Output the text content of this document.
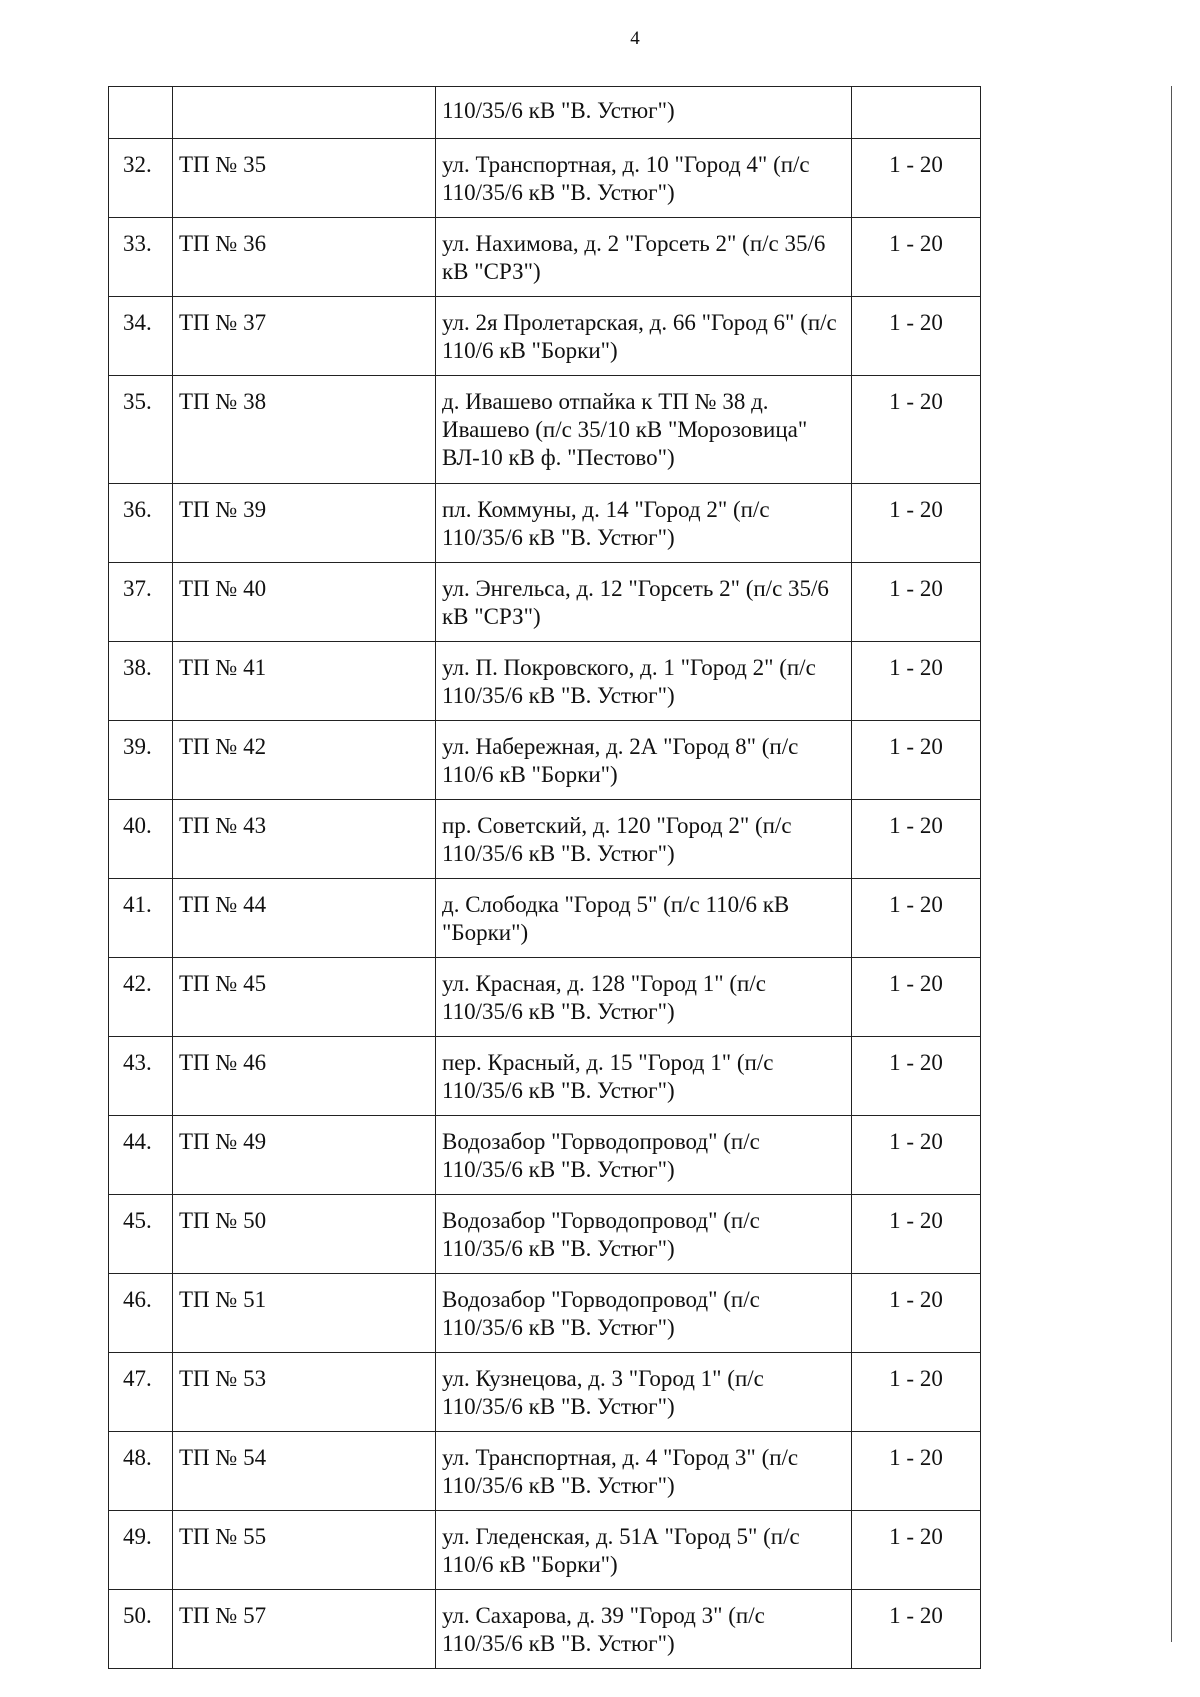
4
		110/35/6 кВ "В. Устюг")	
32.	ТП № 35	ул. Транспортная, д. 10 "Город 4" (п/с 110/35/6 кВ "В. Устюг")	1 - 20
33.	ТП № 36	ул. Нахимова, д. 2 "Горсеть 2" (п/с 35/6 кВ "СРЗ")	1 - 20
34.	ТП № 37	ул. 2я Пролетарская, д. 66 "Город 6" (п/с 110/6 кВ "Борки")	1 - 20
35.	ТП № 38	д. Ивашево отпайка к ТП № 38 д. Ивашево (п/с 35/10 кВ "Морозовица" ВЛ-10 кВ ф. "Пестово")	1 - 20
36.	ТП № 39	пл. Коммуны, д. 14 "Город 2" (п/с 110/35/6 кВ "В. Устюг")	1 - 20
37.	ТП № 40	ул. Энгельса, д. 12 "Горсеть 2" (п/с 35/6 кВ "СРЗ")	1 - 20
38.	ТП № 41	ул. П. Покровского, д. 1 "Город 2" (п/с 110/35/6 кВ "В. Устюг")	1 - 20
39.	ТП № 42	ул. Набережная, д. 2А "Город 8" (п/с 110/6 кВ "Борки")	1 - 20
40.	ТП № 43	пр. Советский, д. 120 "Город 2" (п/с 110/35/6 кВ "В. Устюг")	1 - 20
41.	ТП № 44	д. Слободка "Город 5" (п/с 110/6 кВ "Борки")	1 - 20
42.	ТП № 45	ул. Красная, д. 128 "Город 1" (п/с 110/35/6 кВ "В. Устюг")	1 - 20
43.	ТП № 46	пер. Красный, д. 15 "Город 1" (п/с 110/35/6 кВ "В. Устюг")	1 - 20
44.	ТП № 49	Водозабор "Горводопровод" (п/с 110/35/6 кВ "В. Устюг")	1 - 20
45.	ТП № 50	Водозабор "Горводопровод" (п/с 110/35/6 кВ "В. Устюг")	1 - 20
46.	ТП № 51	Водозабор "Горводопровод" (п/с 110/35/6 кВ "В. Устюг")	1 - 20
47.	ТП № 53	ул. Кузнецова, д. 3 "Город 1" (п/с 110/35/6 кВ "В. Устюг")	1 - 20
48.	ТП № 54	ул. Транспортная, д. 4 "Город 3" (п/с 110/35/6 кВ "В. Устюг")	1 - 20
49.	ТП № 55	ул. Гледенская, д. 51А "Город 5" (п/с 110/6 кВ "Борки")	1 - 20
50.	ТП № 57	ул. Сахарова, д. 39 "Город 3" (п/с 110/35/6 кВ "В. Устюг")	1 - 20
